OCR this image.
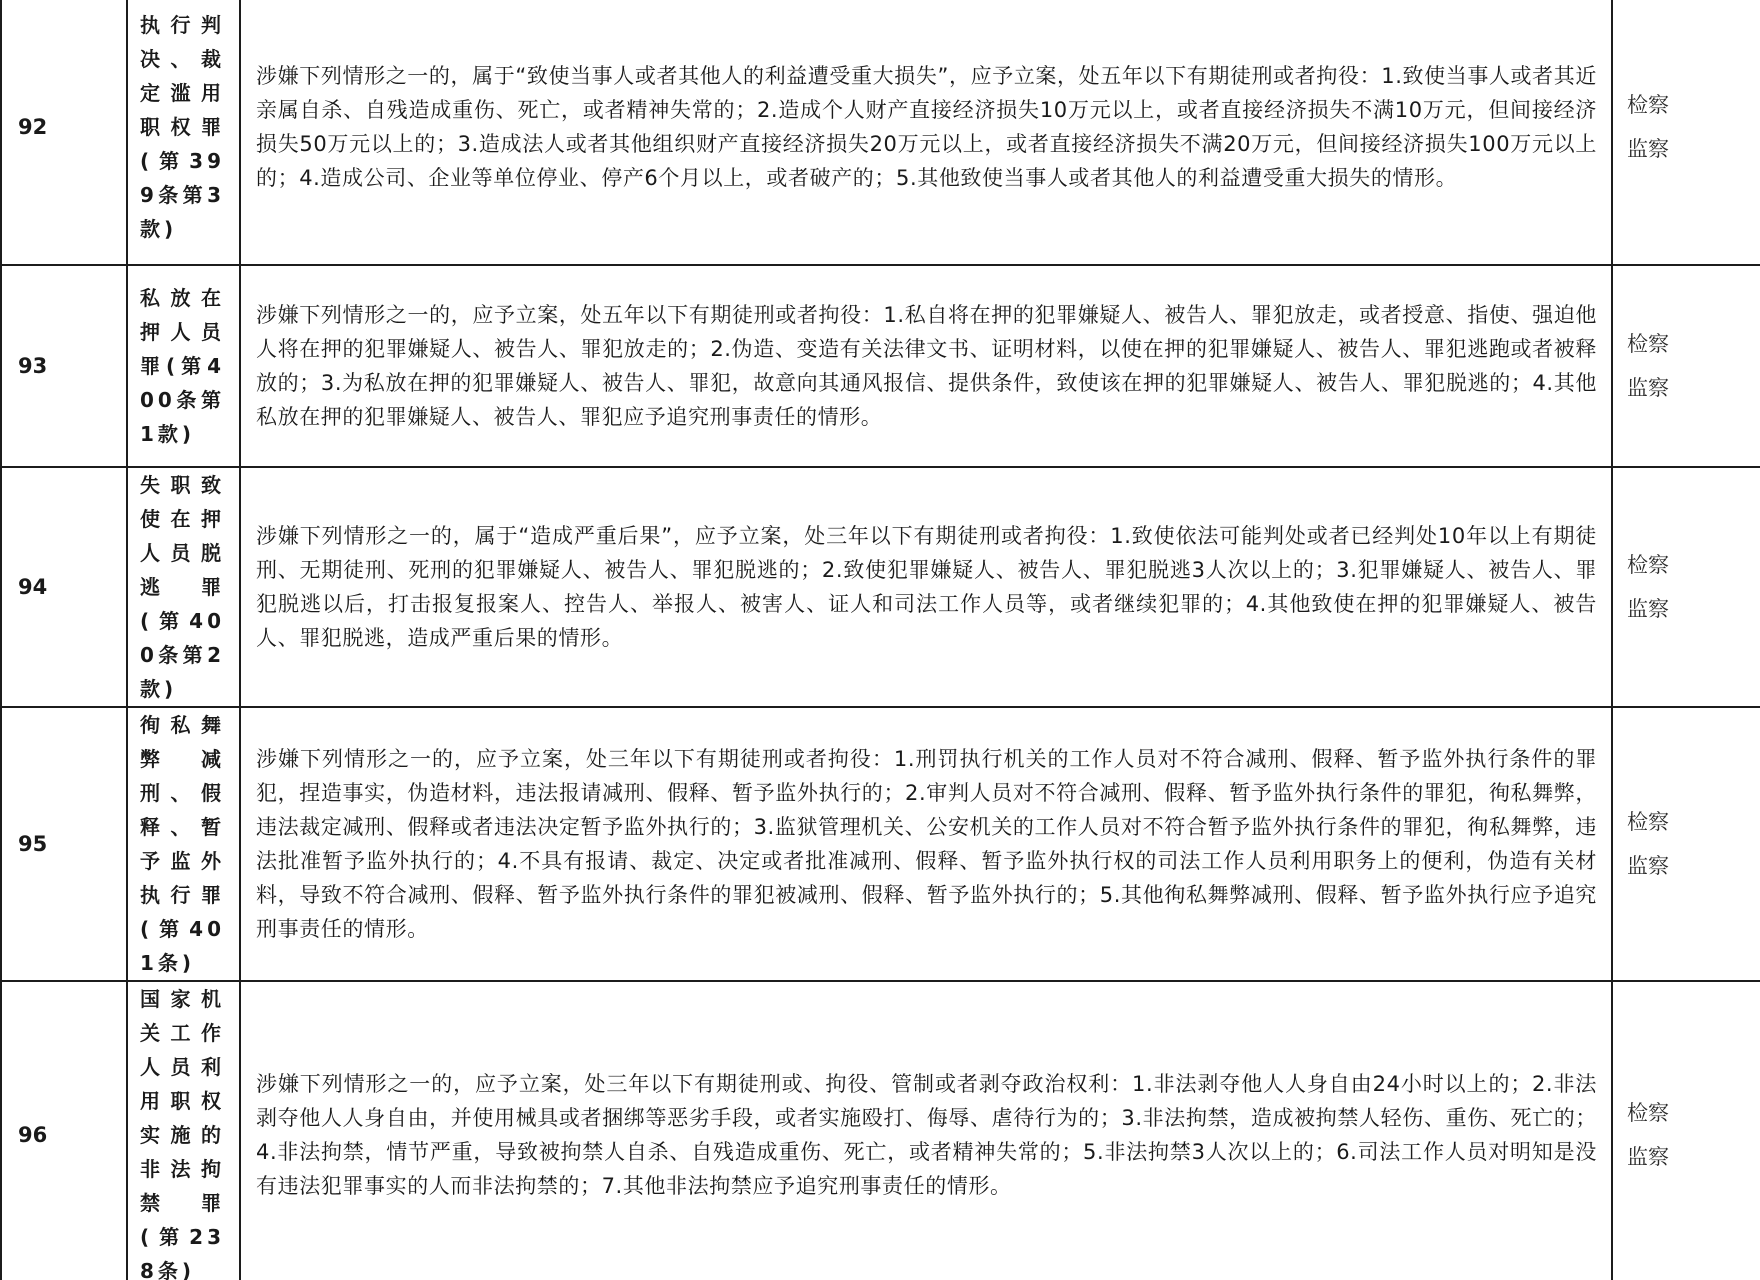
92	执行判决、裁定滥用职权罪(第399条第3款)	涉嫌下列情形之一的，属于“致使当事人或者其他人的利益遭受重大损失”，应予立案，处五年以下有期徒刑或者拘役：1.致使当事人或者其近亲属自杀、自残造成重伤、死亡，或者精神失常的；2.造成个人财产直接经济损失10万元以上，或者直接经济损失不满10万元，但间接经济损失50万元以上的；3.造成法人或者其他组织财产直接经济损失20万元以上，或者直接经济损失不满20万元，但间接经济损失100万元以上的；4.造成公司、企业等单位停业、停产6个月以上，或者破产的；5.其他致使当事人或者其他人的利益遭受重大损失的情形。	检察
监察

93	私放在押人员罪(第400条第1款)	涉嫌下列情形之一的，应予立案，处五年以下有期徒刑或者拘役：1.私自将在押的犯罪嫌疑人、被告人、罪犯放走，或者授意、指使、强迫他人将在押的犯罪嫌疑人、被告人、罪犯放走的；2.伪造、变造有关法律文书、证明材料，以使在押的犯罪嫌疑人、被告人、罪犯逃跑或者被释放的；3.为私放在押的犯罪嫌疑人、被告人、罪犯，故意向其通风报信、提供条件，致使该在押的犯罪嫌疑人、被告人、罪犯脱逃的；4.其他私放在押的犯罪嫌疑人、被告人、罪犯应予追究刑事责任的情形。	检察
监察

94	失职致使在押人员脱逃罪(第400条第2款)	涉嫌下列情形之一的，属于“造成严重后果”，应予立案，处三年以下有期徒刑或者拘役：1.致使依法可能判处或者已经判处10年以上有期徒刑、无期徒刑、死刑的犯罪嫌疑人、被告人、罪犯脱逃的；2.致使犯罪嫌疑人、被告人、罪犯脱逃3人次以上的；3.犯罪嫌疑人、被告人、罪犯脱逃以后，打击报复报案人、控告人、举报人、被害人、证人和司法工作人员等，或者继续犯罪的；4.其他致使在押的犯罪嫌疑人、被告人、罪犯脱逃，造成严重后果的情形。	检察
监察

95	徇私舞弊减刑、假释、暂予监外执行罪(第401条)	涉嫌下列情形之一的，应予立案，处三年以下有期徒刑或者拘役：1.刑罚执行机关的工作人员对不符合减刑、假释、暂予监外执行条件的罪犯，捏造事实，伪造材料，违法报请减刑、假释、暂予监外执行的；2.审判人员对不符合减刑、假释、暂予监外执行条件的罪犯，徇私舞弊，违法裁定减刑、假释或者违法决定暂予监外执行的；3.监狱管理机关、公安机关的工作人员对不符合暂予监外执行条件的罪犯，徇私舞弊，违法批准暂予监外执行的；4.不具有报请、裁定、决定或者批准减刑、假释、暂予监外执行权的司法工作人员利用职务上的便利，伪造有关材料，导致不符合减刑、假释、暂予监外执行条件的罪犯被减刑、假释、暂予监外执行的；5.其他徇私舞弊减刑、假释、暂予监外执行应予追究刑事责任的情形。	检察
监察

96	国家机关工作人员利用职权实施的非法拘禁罪(第238条)	涉嫌下列情形之一的，应予立案，处三年以下有期徒刑或、拘役、管制或者剥夺政治权利：1.非法剥夺他人人身自由24小时以上的；2.非法剥夺他人人身自由，并使用械具或者捆绑等恶劣手段，或者实施殴打、侮辱、虐待行为的；3.非法拘禁，造成被拘禁人轻伤、重伤、死亡的；4.非法拘禁，情节严重，导致被拘禁人自杀、自残造成重伤、死亡，或者精神失常的；5.非法拘禁3人次以上的；6.司法工作人员对明知是没有违法犯罪事实的人而非法拘禁的；7.其他非法拘禁应予追究刑事责任的情形。	检察
监察
